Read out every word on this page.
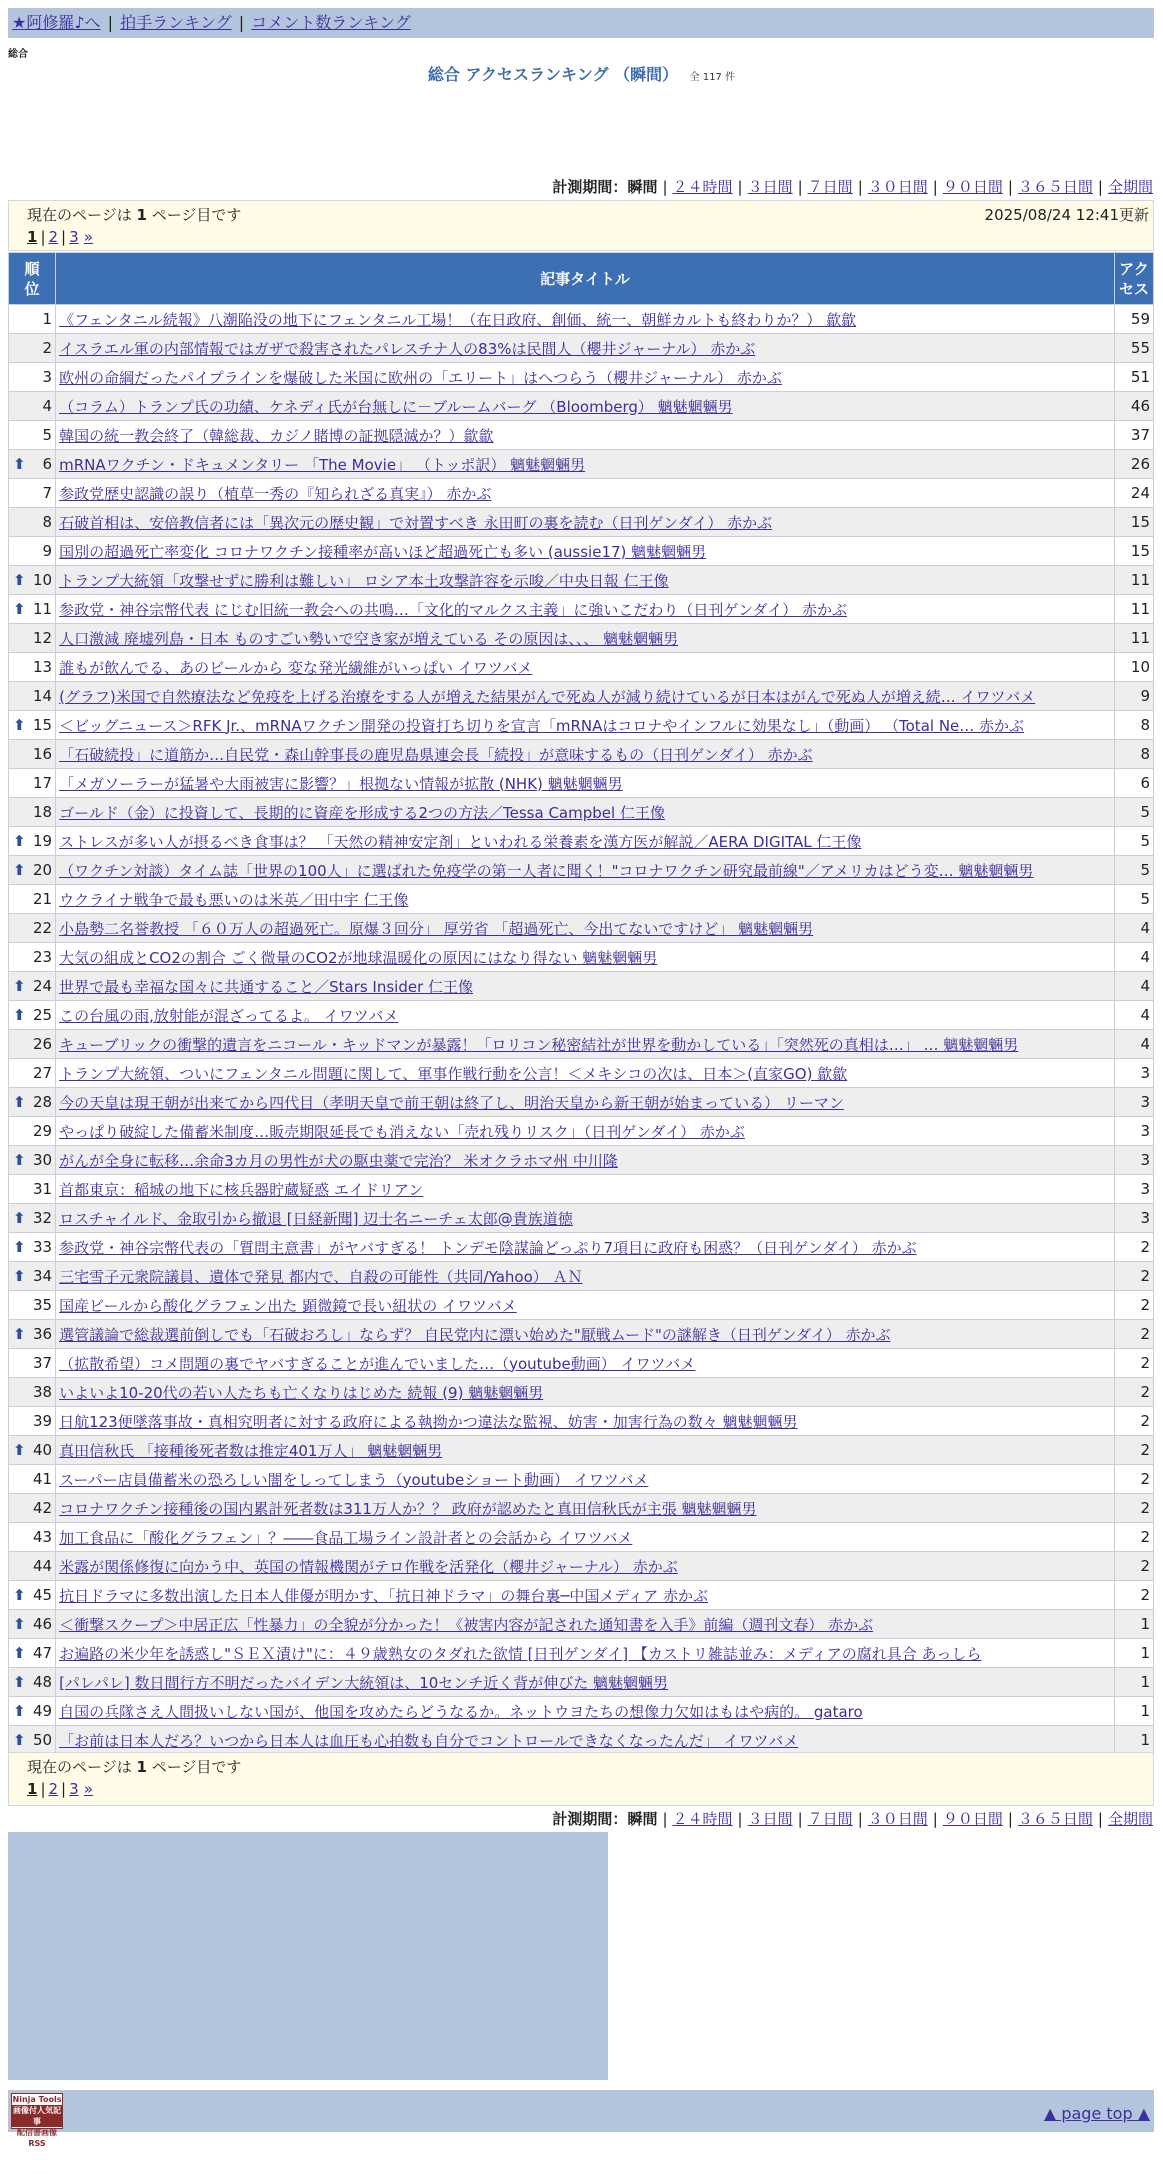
★阿修羅♪へ | 拍手ランキング | コメント数ランキング
総合
総合 アクセスランキング （瞬間） 全 117 件
計測期間：瞬間 | ２４時間 | ３日間 | ７日間 | ３０日間 | ９０日間 | ３６５日間 | 全期間
現在のページは 1 ページ目です	2025/08/24 12:41更新
1 | 2 | 3 »
順位	記事タイトル	アクセス
1	《フェンタニル続報》八潮陥没の地下にフェンタニル工場！（在日政府、創価、統一、朝鮮カルトも終わりか？） 歙歙	59
2	イスラエル軍の内部情報ではガザで殺害されたパレスチナ人の83%は民間人（櫻井ジャーナル） 赤かぶ	55
3	欧州の命綱だったパイプラインを爆破した米国に欧州の「エリート」はへつらう（櫻井ジャーナル） 赤かぶ	51
4	（コラム）トランプ氏の功績、ケネディ氏が台無しに－ブルームバーグ （Bloomberg） 魑魅魍魎男	46
5	韓国の統一教会終了（韓総裁、カジノ賭博の証拠隠滅か？）歙歙	37

⬆ 6	mRNAワクチン・ドキュメンタリー 「The Movie」 （トッポ訳） 魑魅魍魎男	26
7	参政党歴史認識の誤り（植草一秀の『知られざる真実』） 赤かぶ	24
8	石破首相は、安倍教信者には「異次元の歴史観」で対置すべき 永田町の裏を読む（日刊ゲンダイ） 赤かぶ	15
9	国別の超過死亡率変化 コロナワクチン接種率が高いほど超過死亡も多い (aussie17) 魑魅魍魎男	15

⬆ 10	トランプ大統領「攻撃せずに勝利は難しい」 ロシア本土攻撃許容を示唆／中央日報 仁王像	11

⬆ 11	参政党・神谷宗幣代表 にじむ旧統一教会への共鳴…「文化的マルクス主義」に強いこだわり（日刊ゲンダイ） 赤かぶ	11
12	人口激減 廃墟列島・日本 ものすごい勢いで空き家が増えている その原因は、、、 魑魅魍魎男	11
13	誰もが飲んでる、あのビールから 変な発光繊維がいっぱい イワツバメ	10
14	(グラフ)米国で自然療法など免疫を上げる治療をする人が増えた結果がんで死ぬ人が減り続けているが日本はがんで死ぬ人が増え続… イワツバメ	9

⬆ 15	＜ビッグニュース＞RFK Jr.、mRNAワクチン開発の投資打ち切りを宣言「mRNAはコロナやインフルに効果なし」（動画） （Total Ne… 赤かぶ	8
16	「石破続投」に道筋か…自民党・森山幹事長の鹿児島県連会長「続投」が意味するもの（日刊ゲンダイ） 赤かぶ	8
17	「メガソーラーが猛暑や大雨被害に影響？」根拠ない情報が拡散 (NHK) 魑魅魍魎男	6
18	ゴールド（金）に投資して、長期的に資産を形成する2つの方法／Tessa Campbel 仁王像	5

⬆ 19	ストレスが多い人が摂るべき食事は？ 「天然の精神安定剤」といわれる栄養素を漢方医が解説／AERA DIGITAL 仁王像	5

⬆ 20	（ワクチン対談）タイム誌「世界の100人」に選ばれた免疫学の第一人者に聞く！"コロナワクチン研究最前線"／アメリカはどう変… 魑魅魍魎男	5
21	ウクライナ戦争で最も悪いのは米英／田中宇 仁王像	5
22	小島勢二名誉教授 「６０万人の超過死亡。原爆３回分」 厚労省 「超過死亡、今出てないですけど」 魑魅魍魎男	4
23	大気の組成とCO2の割合 ごく微量のCO2が地球温暖化の原因にはなり得ない 魑魅魍魎男	4

⬆ 24	世界で最も幸福な国々に共通すること／Stars Insider 仁王像	4

⬆ 25	この台風の雨,放射能が混ざってるよ。 イワツバメ	4
26	キューブリックの衝撃的遺言をニコール・キッドマンが暴露！「ロリコン秘密結社が世界を動かしている」「突然死の真相は…」 … 魑魅魍魎男	4
27	トランプ大統領、ついにフェンタニル問題に関して、軍事作戦行動を公言！＜メキシコの次は、日本＞(直家GO) 歙歙	3

⬆ 28	今の天皇は現王朝が出来てから四代目（孝明天皇で前王朝は終了し、明治天皇から新王朝が始まっている） リーマン	3
29	やっぱり破綻した備蓄米制度…販売期限延長でも消えない「売れ残りリスク」（日刊ゲンダイ） 赤かぶ	3

⬆ 30	がんが全身に転移…余命3カ月の男性が犬の駆虫薬で完治？ 米オクラホマ州 中川隆	3
31	首都東京：稲城の地下に核兵器貯蔵疑惑 エイドリアン	3

⬆ 32	ロスチャイルド、金取引から撤退 [日経新聞] 辺士名ニーチェ太郎@貴族道徳	3

⬆ 33	参政党・神谷宗幣代表の「質問主意書」がヤバすぎる！ トンデモ陰謀論どっぷり7項目に政府も困惑？（日刊ゲンダイ） 赤かぶ	2

⬆ 34	三宅雪子元衆院議員、遺体で発見 都内で、自殺の可能性（共同/Yahoo） ＡＮ	2
35	国産ビールから酸化グラフェン出た 顕微鏡で長い紐状の イワツバメ	2

⬆ 36	選管議論で総裁選前倒しでも「石破おろし」ならず？ 自民党内に漂い始めた"厭戦ムード"の謎解き（日刊ゲンダイ） 赤かぶ	2
37	（拡散希望）コメ問題の裏でヤバすぎることが進んでいました…（youtube動画） イワツバメ	2
38	いよいよ10-20代の若い人たちも亡くなりはじめた 続報 (9) 魑魅魍魎男	2
39	日航123便墜落事故・真相究明者に対する政府による執拗かつ違法な監視、妨害・加害行為の数々 魑魅魍魎男	2

⬆ 40	真田信秋氏 「接種後死者数は推定401万人」 魑魅魍魎男	2
41	スーパー店員備蓄米の恐ろしい闇をしってしまう（youtubeショート動画） イワツバメ	2
42	コロナワクチン接種後の国内累計死者数は311万人か？？ 政府が認めたと真田信秋氏が主張 魑魅魍魎男	2
43	加工食品に「酸化グラフェン」？――食品工場ライン設計者との会話から イワツバメ	2
44	米露が関係修復に向かう中、英国の情報機関がテロ作戦を活発化（櫻井ジャーナル） 赤かぶ	2

⬆ 45	抗日ドラマに多数出演した日本人俳優が明かす、「抗日神ドラマ」の舞台裏─中国メディア 赤かぶ	2

⬆ 46	＜衝撃スクープ＞中居正広「性暴力」の全貌が分かった！《被害内容が記された通知書を入手》前編（週刊文春） 赤かぶ	1

⬆ 47	お遍路の米少年を誘惑し"ＳＥＸ漬け"に：４９歳熟女のタダれた欲情 [日刊ゲンダイ] 【カストリ雑誌並み：メディアの腐れ具合 あっしら	1

⬆ 48	[パレパレ] 数日間行方不明だったバイデン大統領は、10センチ近く背が伸びた 魑魅魍魎男	1

⬆ 49	自国の兵隊さえ人間扱いしない国が、他国を攻めたらどうなるか。ネットウヨたちの想像力欠如はもはや病的。 gataro	1

⬆ 50	「お前は日本人だろ？いつから日本人は血圧も心拍数も自分でコントロールできなくなったんだ」 イワツバメ	1
現在のページは 1 ページ目です
1 | 2 | 3 »
計測期間：瞬間 | ２４時間 | ３日間 | ７日間 | ３０日間 | ９０日間 | ３６５日間 | 全期間
Ninja Tools
画像付人気記事
配信書画像RSS
▲ page top ▲
